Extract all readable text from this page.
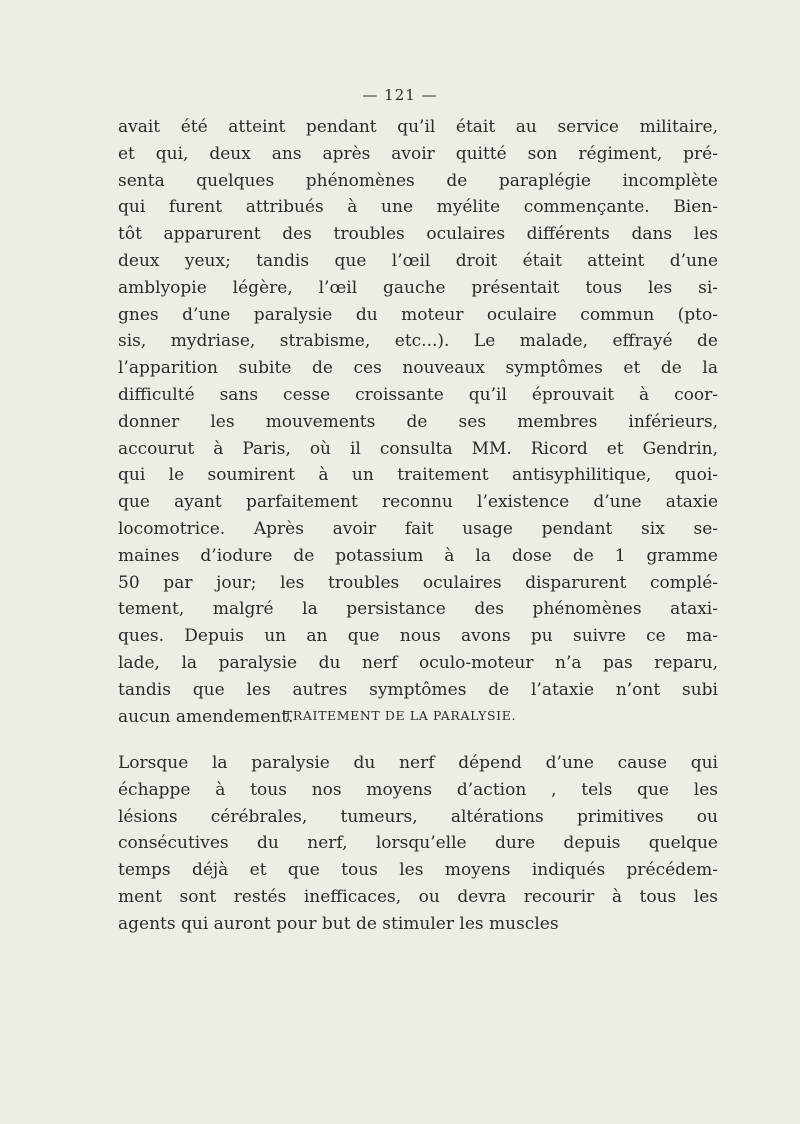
— 121 —

avait été atteint pendant qu’il était au service militaire,
et qui, deux ans après avoir quitté son régiment, pré-
senta quelques phénomènes de paraplégie incomplète
qui furent attribués à une myélite commençante. Bien-
tôt apparurent des troubles oculaires différents dans les
deux yeux; tandis que l’œil droit était atteint d’une
amblyopie légère, l’œil gauche présentait tous les si-
gnes d’une paralysie du moteur oculaire commun (pto-
sis, mydriase, strabisme, etc...). Le malade, effrayé de
l’apparition subite de ces nouveaux symptômes et de la
difficulté sans cesse croissante qu’il éprouvait à coor-
donner les mouvements de ses membres inférieurs,
accourut à Paris, où il consulta MM. Ricord et Gendrin,
qui le soumirent à un traitement antisyphilitique, quoi-
que ayant parfaitement reconnu l’existence d’une ataxie
locomotrice. Après avoir fait usage pendant six se-
maines d’iodure de potassium à la dose de 1 gramme
50 par jour; les troubles oculaires disparurent complé-
tement, malgré la persistance des phénomènes ataxi-
ques. Depuis un an que nous avons pu suivre ce ma-
lade, la paralysie du nerf oculo-moteur n’a pas reparu,
tandis que les autres symptômes de l’ataxie n’ont subi
aucun amendement.

TRAITEMENT DE LA PARALYSIE.

Lorsque la paralysie du nerf dépend d’une cause qui
échappe à tous nos moyens d’action , tels que les
lésions cérébrales, tumeurs, altérations primitives ou
consécutives du nerf, lorsqu’elle dure depuis quelque
temps déjà et que tous les moyens indiqués précédem-
ment sont restés inefficaces, ou devra recourir à tous les
agents qui auront pour but de stimuler les muscles
